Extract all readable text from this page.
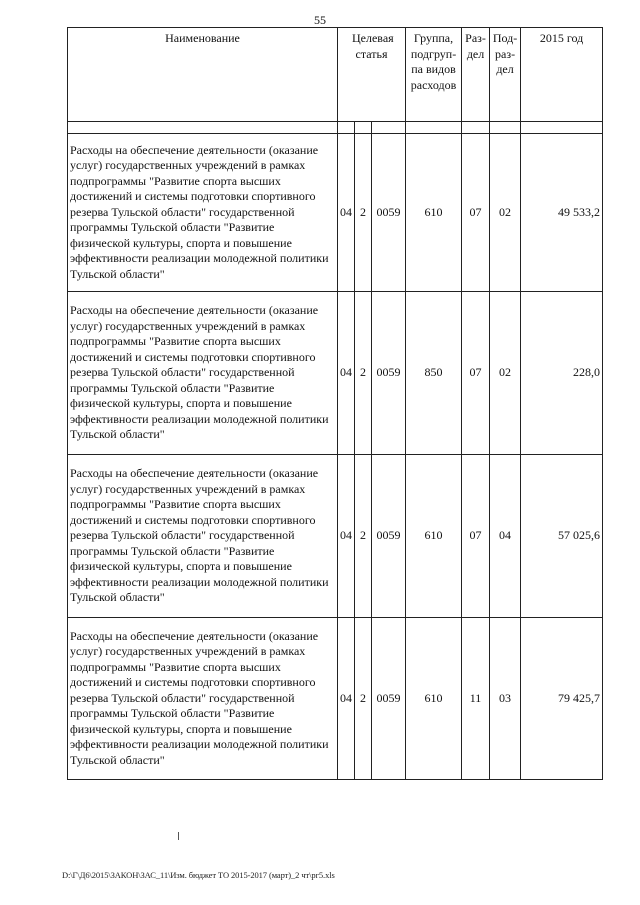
55
Наименование	Целевая статья			Группа, подгруп-па видов расходов	Раз-дел	Под-раз-дел	2015 год

Расходы на обеспечение деятельности (оказание услуг) государственных учреждений в рамках подпрограммы "Развитие спорта высших достижений и системы подготовки спортивного резерва Тульской области" государственной программы Тульской области "Развитие физической культуры, спорта и повышение эффективности реализации молодежной политики Тульской области"	04	2	0059	610	07	02	49 533,2
Расходы на обеспечение деятельности (оказание услуг) государственных учреждений в рамках подпрограммы "Развитие спорта высших достижений и системы подготовки спортивного резерва Тульской области" государственной программы Тульской области "Развитие физической культуры, спорта и повышение эффективности реализации молодежной политики Тульской области"	04	2	0059	850	07	02	228,0
Расходы на обеспечение деятельности (оказание услуг) государственных учреждений в рамках подпрограммы "Развитие спорта высших достижений и системы подготовки спортивного резерва Тульской области" государственной программы Тульской области "Развитие физической культуры, спорта и повышение эффективности реализации молодежной политики Тульской области"	04	2	0059	610	07	04	57 025,6
Расходы на обеспечение деятельности (оказание услуг) государственных учреждений в рамках подпрограммы "Развитие спорта высших достижений и системы подготовки спортивного резерва Тульской области" государственной программы Тульской области "Развитие физической культуры, спорта и повышение эффективности реализации молодежной политики Тульской области"	04	2	0059	610	11	03	79 425,7
D:\Г\Д6\2015\ЗАКОН\ЗАС_11\Изм. бюджет ТО 2015-2017 (март)_2 чт\рг5.xls
